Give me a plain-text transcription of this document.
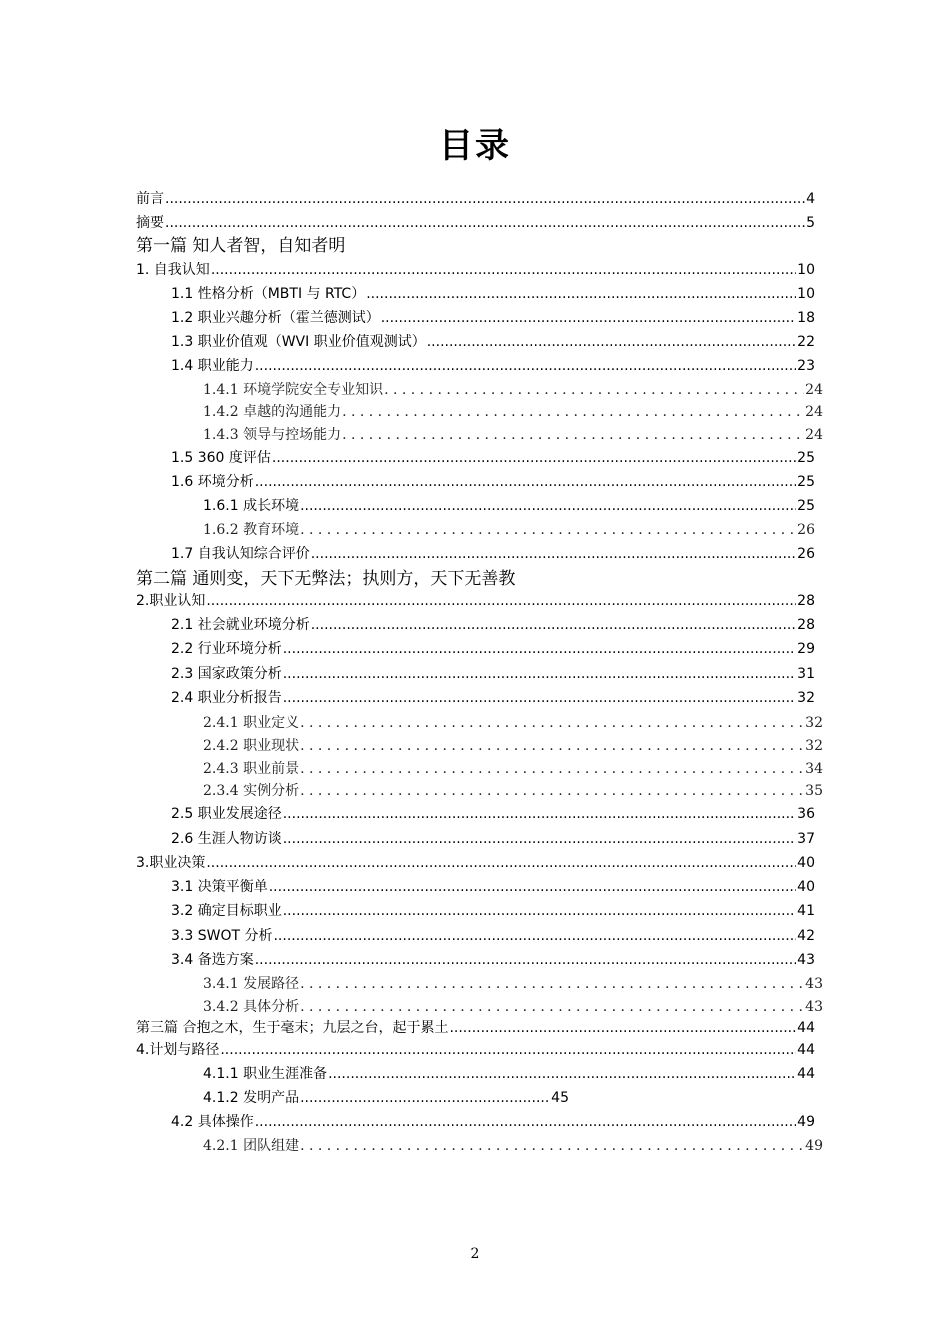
目录
前言 .....	4
摘要 .....	5
第一篇 知人者智，自知者明
1. 自我认知 .....	10
1.1 性格分析（MBTI 与 RTC） .....	10
1.2 职业兴趣分析（霍兰德测试） .....	18
1.3 职业价值观（WVI 职业价值观测试） .....	22
1.4 职业能力 .....	23
1.4.1 环境学院安全专业知识 . . .	24
1.4.2 卓越的沟通能力 . . .	24
1.4.3 领导与控场能力 . . .	24
1.5 360 度评估 .....	25
1.6 环境分析 .....	25
1.6.1 成长环境 .....	25
1.6.2 教育环境 . . .	26
1.7 自我认知综合评价 .....	26
第二篇 通则变，天下无弊法；执则方，天下无善教
2.职业认知 .....	28
2.1 社会就业环境分析 .....	28
2.2 行业环境分析 .....	29
2.3 国家政策分析 .....	31
2.4 职业分析报告 .....	32
2.4.1 职业定义 . . .	32
2.4.2 职业现状 . . .	32
2.4.3 职业前景 . . .	34
2.3.4 实例分析 . . .	35
2.5 职业发展途径 .....	36
2.6 生涯人物访谈 .....	37
3.职业决策 .....	40
3.1 决策平衡单 .....	40
3.2 确定目标职业 .....	41
3.3 SWOT 分析 .....	42
3.4 备选方案 .....	43
3.4.1 发展路径 . . .	43
3.4.2 具体分析 . . .	43
第三篇 合抱之木，生于毫末；九层之台，起于累土 .....	44
4.计划与路径 .....	44
4.1.1 职业生涯准备 .....	44
4.1.2 发明产品 .....	45
4.2 具体操作 .....	49
4.2.1 团队组建 . . .	49
2
